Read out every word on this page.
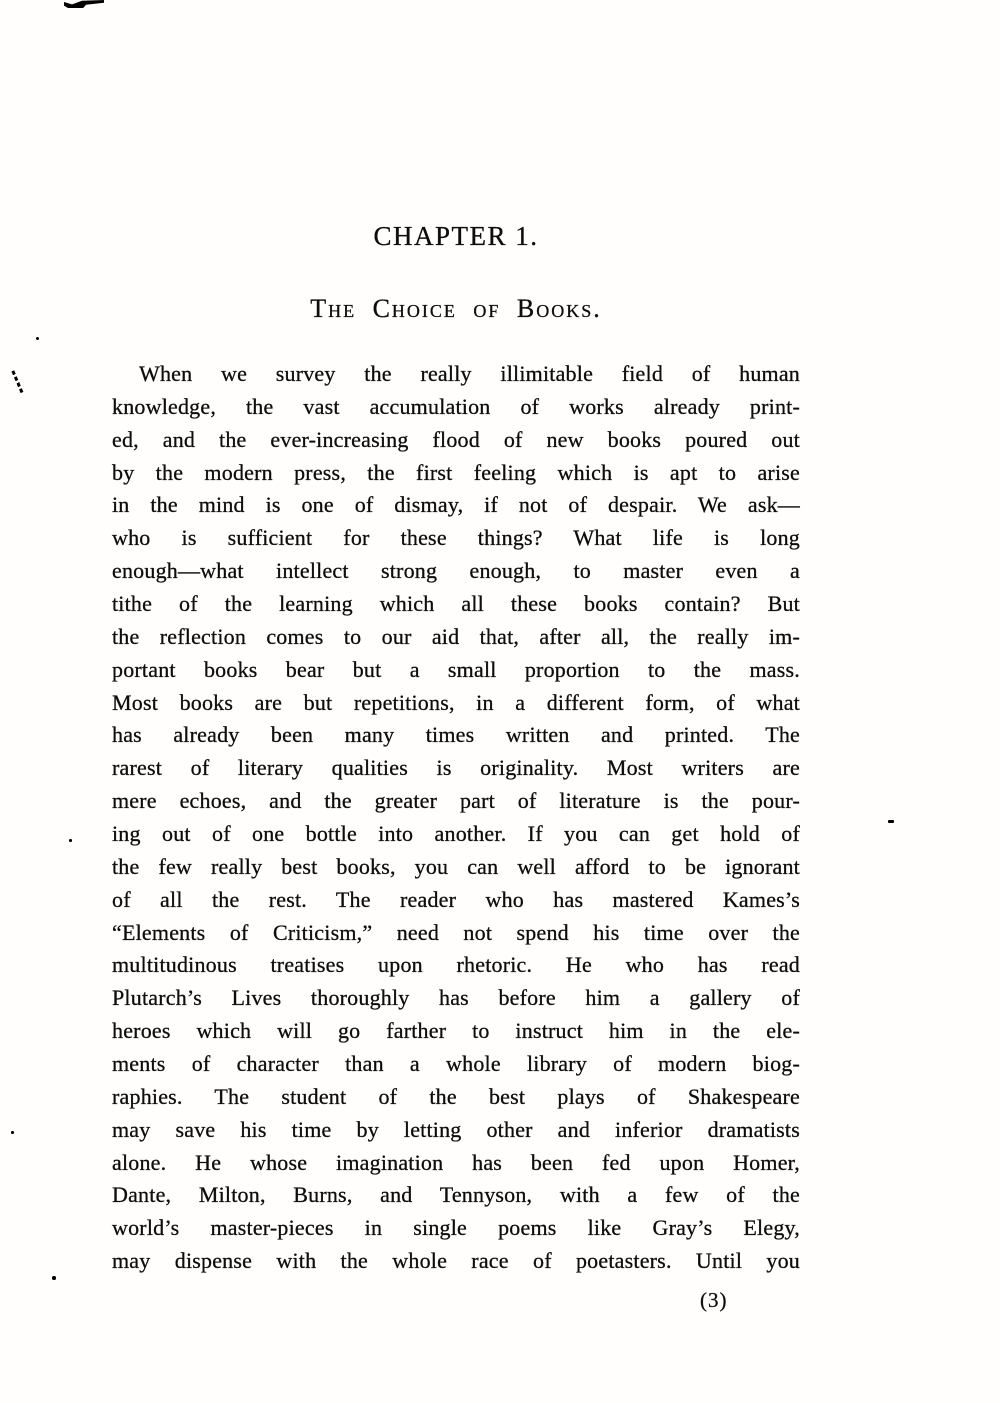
CHAPTER 1.
The Choice of Books.
When we survey the really illimitable field of human
knowledge, the vast accumulation of works already print-
ed, and the ever-increasing flood of new books poured out
by the modern press, the first feeling which is apt to arise
in the mind is one of dismay, if not of despair. We ask—
who is sufficient for these things? What life is long
enough—what intellect strong enough, to master even a
tithe of the learning which all these books contain? But
the reflection comes to our aid that, after all, the really im-
portant books bear but a small proportion to the mass.
Most books are but repetitions, in a different form, of what
has already been many times written and printed. The
rarest of literary qualities is originality. Most writers are
mere echoes, and the greater part of literature is the pour-
ing out of one bottle into another. If you can get hold of
the few really best books, you can well afford to be ignorant
of all the rest. The reader who has mastered Kames’s
“Elements of Criticism,” need not spend his time over the
multitudinous treatises upon rhetoric. He who has read
Plutarch’s Lives thoroughly has before him a gallery of
heroes which will go farther to instruct him in the ele-
ments of character than a whole library of modern biog-
raphies. The student of the best plays of Shakespeare
may save his time by letting other and inferior dramatists
alone. He whose imagination has been fed upon Homer,
Dante, Milton, Burns, and Tennyson, with a few of the
world’s master-pieces in single poems like Gray’s Elegy,
may dispense with the whole race of poetasters. Until you
(3)
